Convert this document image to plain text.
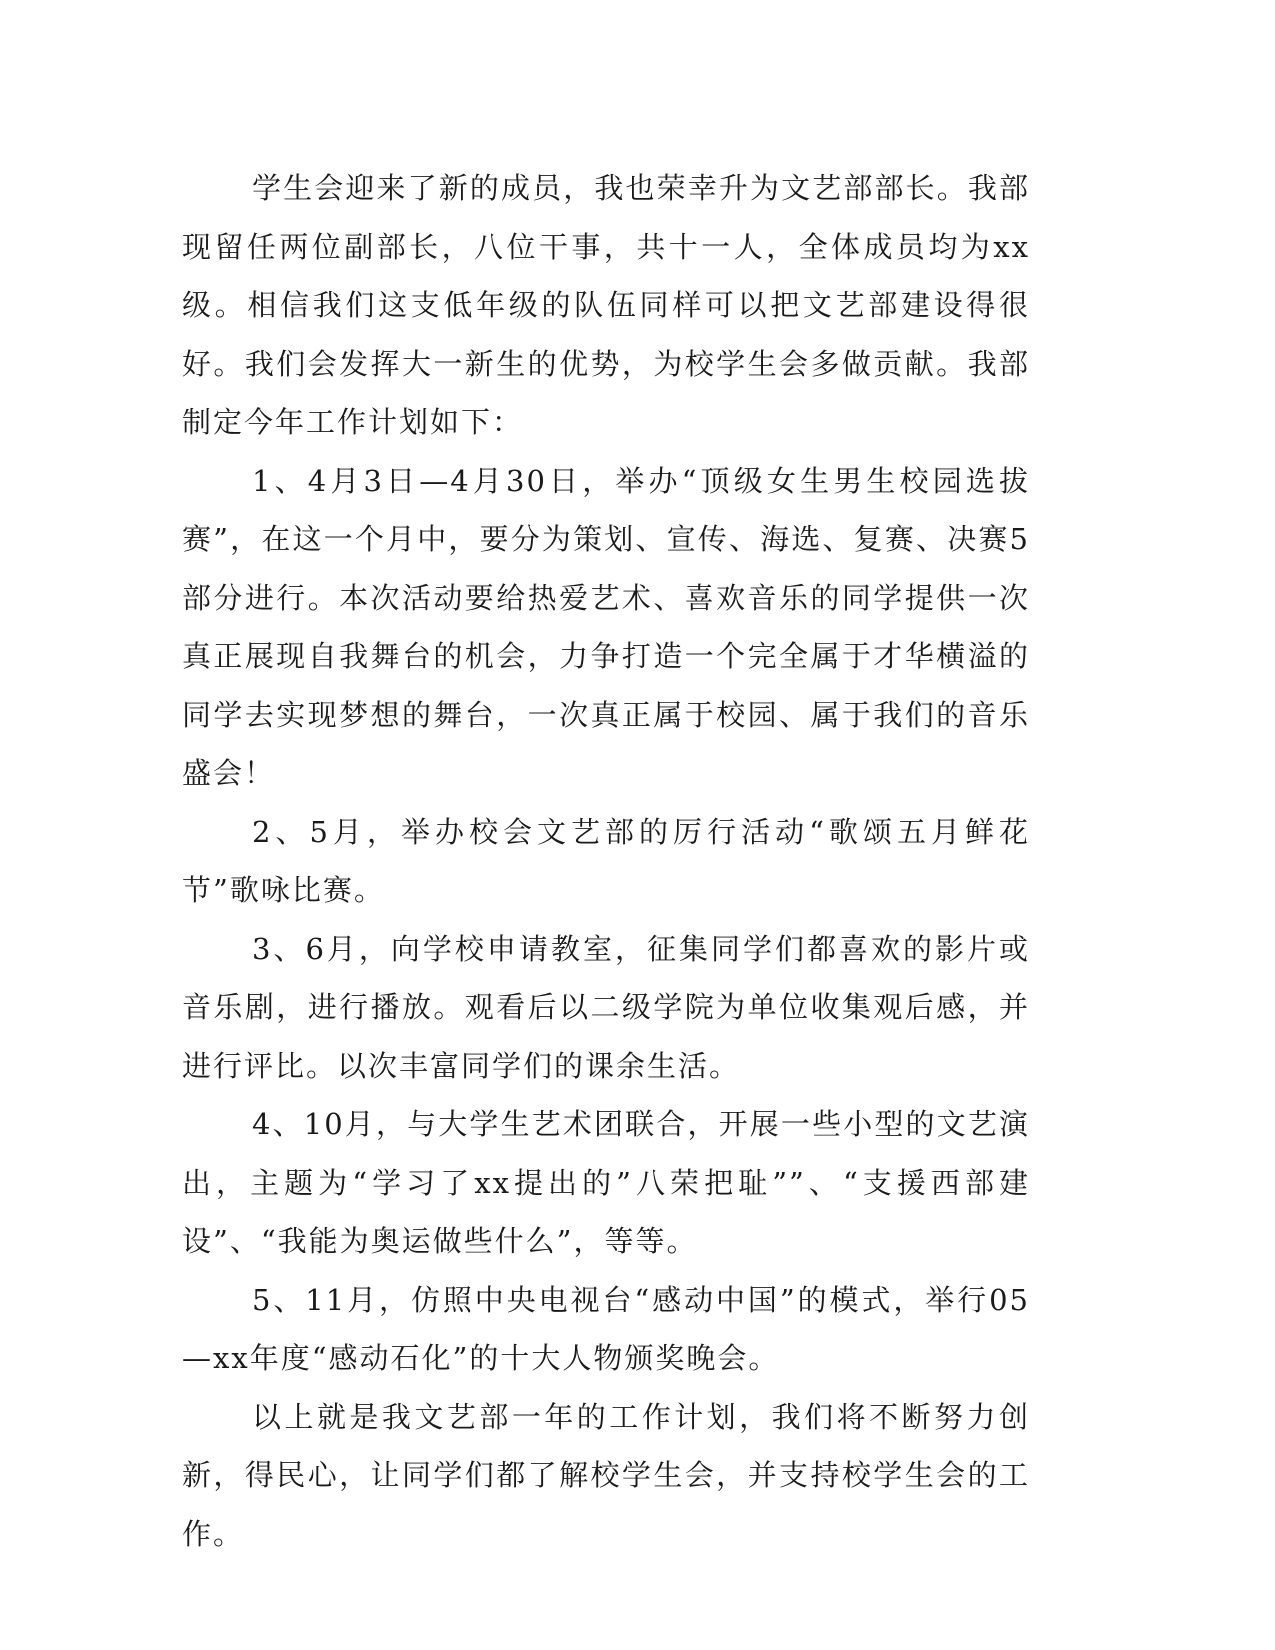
学生会迎来了新的成员，我也荣幸升为文艺部部长。我部现留任两位副部长，八位干事，共十一人，全体成员均为xx级。相信我们这支低年级的队伍同样可以把文艺部建设得很好。我们会发挥大一新生的优势，为校学生会多做贡献。我部制定今年工作计划如下：

1、4月3日—4月30日，举办“顶级女生男生校园选拔赛”，在这一个月中，要分为策划、宣传、海选、复赛、决赛5部分进行。本次活动要给热爱艺术、喜欢音乐的同学提供一次真正展现自我舞台的机会，力争打造一个完全属于才华横溢的同学去实现梦想的舞台，一次真正属于校园、属于我们的音乐盛会！

2、5月，举办校会文艺部的厉行活动“歌颂五月鲜花节”歌咏比赛。

3、6月，向学校申请教室，征集同学们都喜欢的影片或音乐剧，进行播放。观看后以二级学院为单位收集观后感，并进行评比。以次丰富同学们的课余生活。

4、10月，与大学生艺术团联合，开展一些小型的文艺演出，主题为“学习了xx提出的”八荣把耻””、“支援西部建设”、“我能为奥运做些什么”，等等。

5、11月，仿照中央电视台“感动中国”的模式，举行05—xx年度“感动石化”的十大人物颁奖晚会。

以上就是我文艺部一年的工作计划，我们将不断努力创新，得民心，让同学们都了解校学生会，并支持校学生会的工作。
